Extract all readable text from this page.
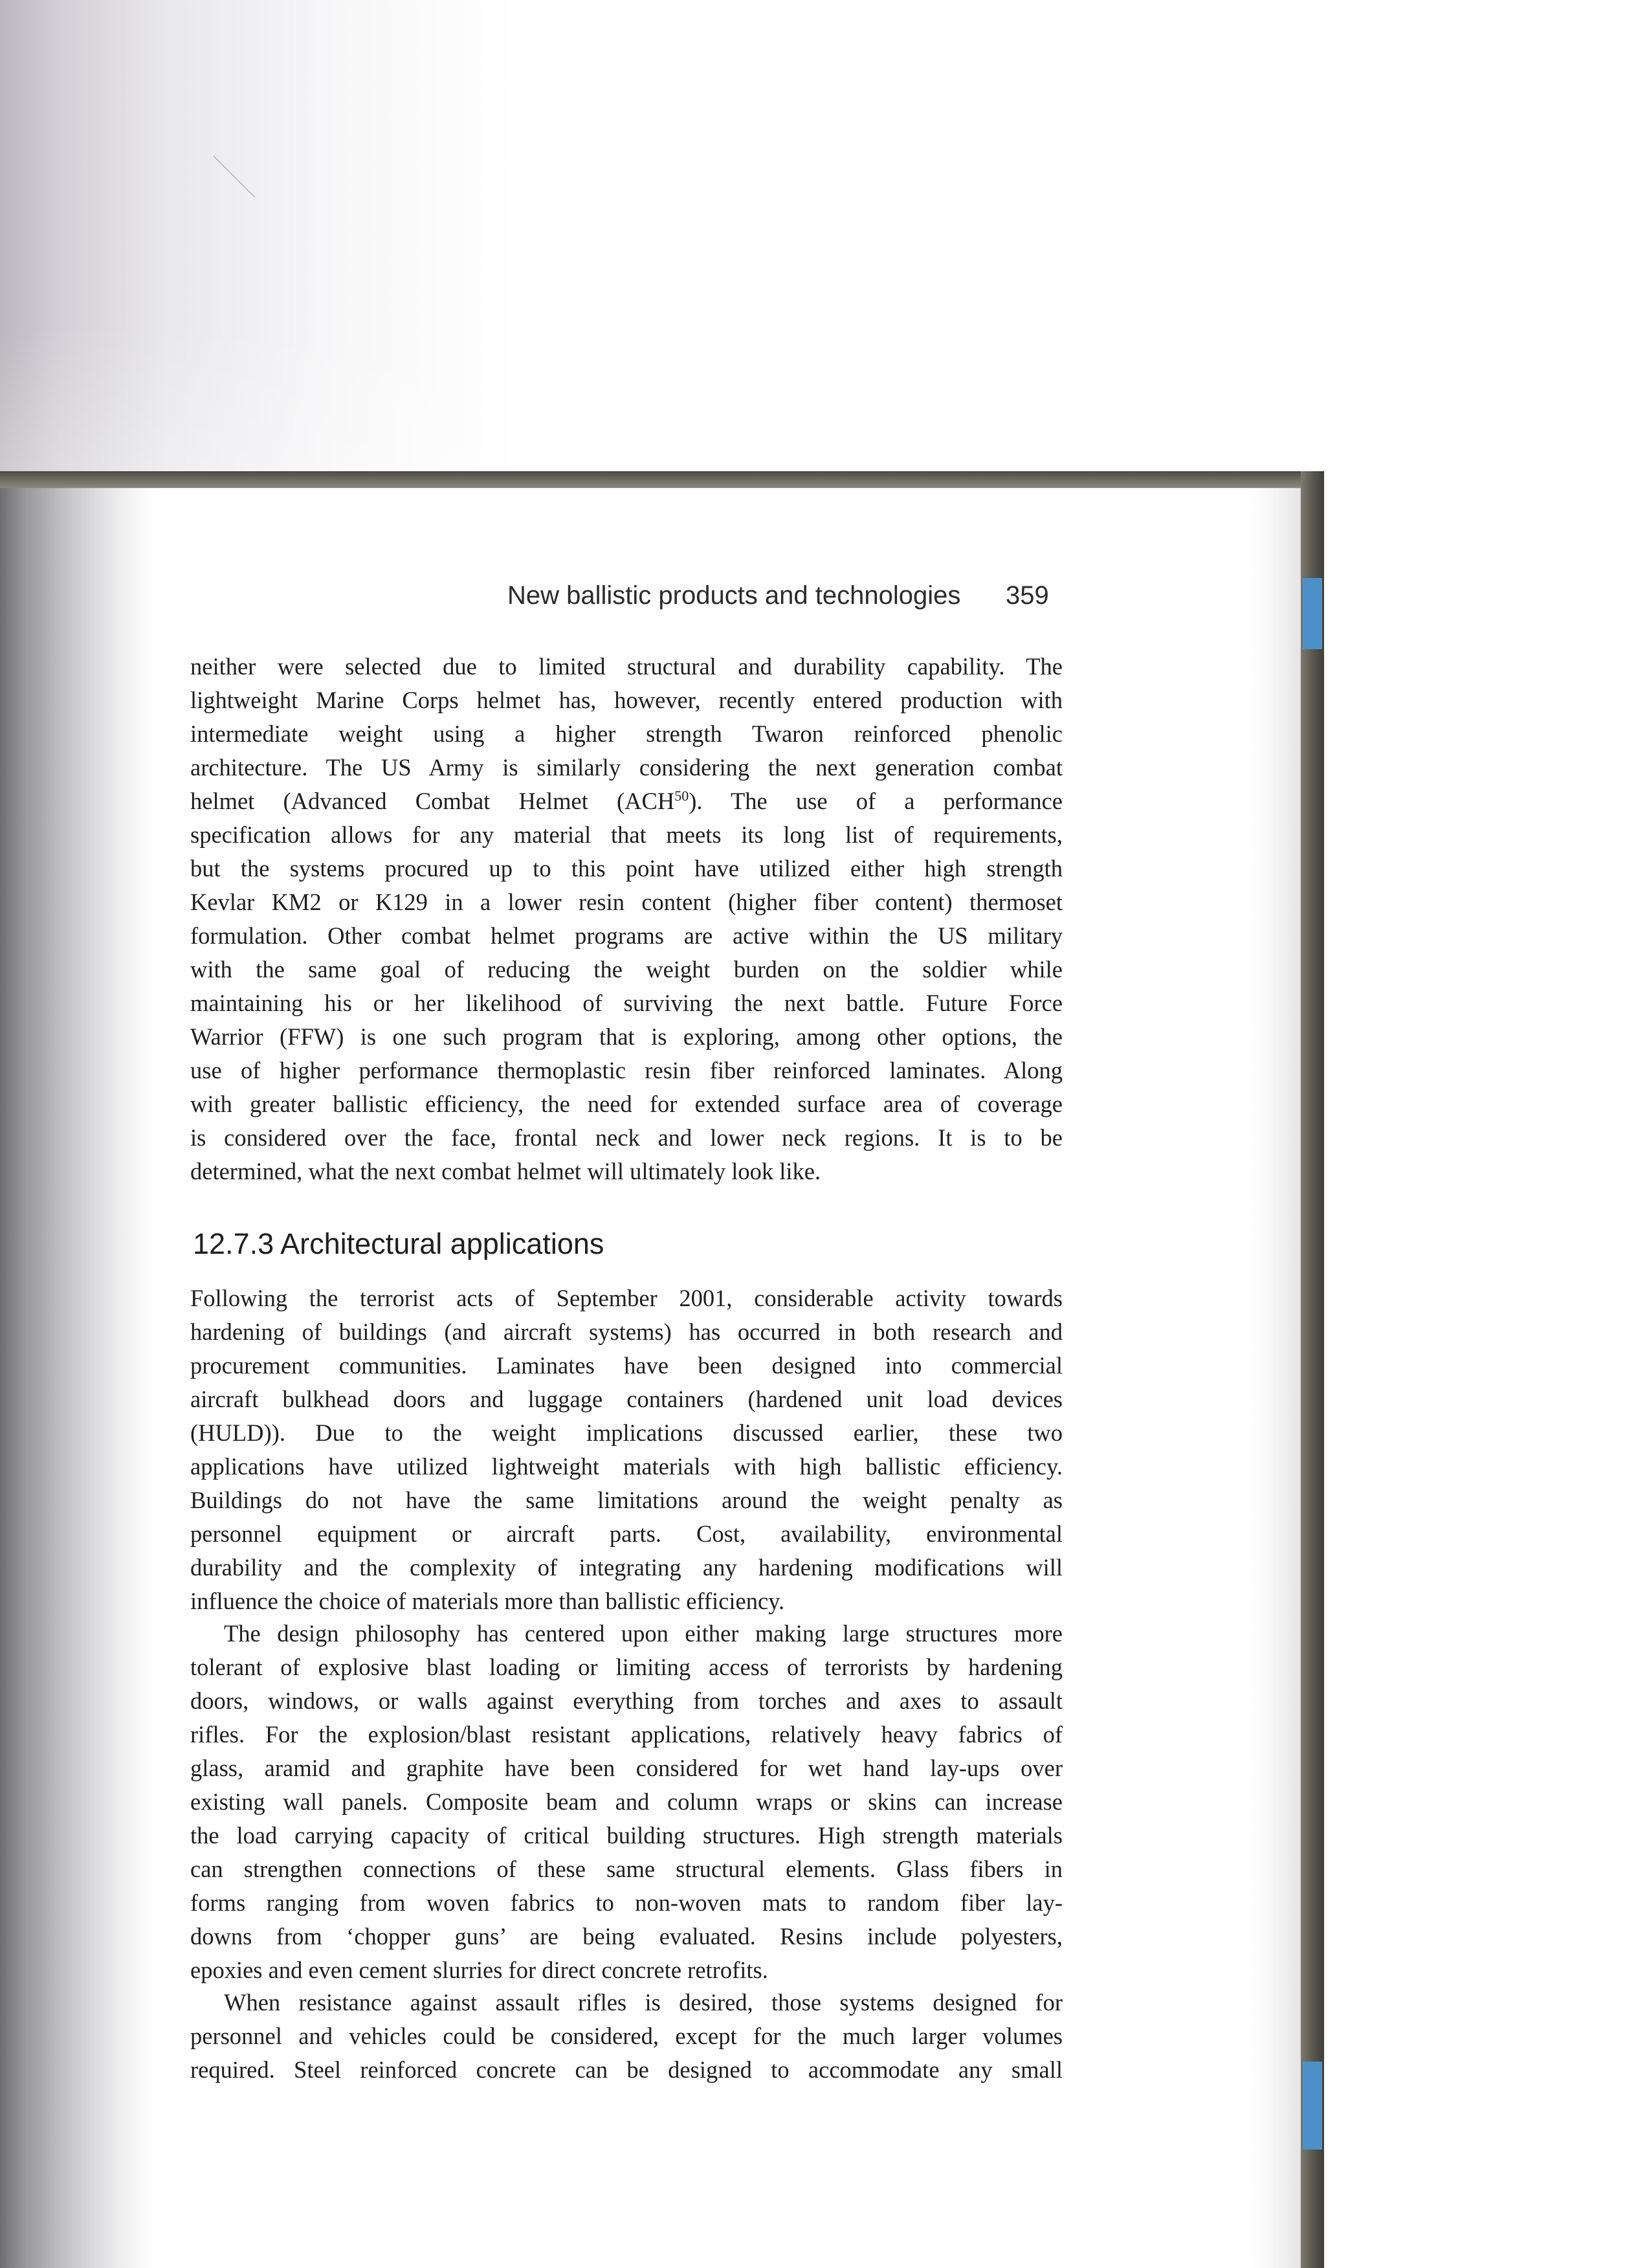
New ballistic products and technologies 359
neither were selected due to limited structural and durability capability. The
lightweight Marine Corps helmet has, however, recently entered production with
intermediate weight using a higher strength Twaron reinforced phenolic
architecture. The US Army is similarly considering the next generation combat
helmet (Advanced Combat Helmet (ACH$^{50}$). The use of a performance
specification allows for any material that meets its long list of requirements,
but the systems procured up to this point have utilized either high strength
Kevlar KM2 or K129 in a lower resin content (higher fiber content) thermoset
formulation. Other combat helmet programs are active within the US military
with the same goal of reducing the weight burden on the soldier while
maintaining his or her likelihood of surviving the next battle. Future Force
Warrior (FFW) is one such program that is exploring, among other options, the
use of higher performance thermoplastic resin fiber reinforced laminates. Along
with greater ballistic efficiency, the need for extended surface area of coverage
is considered over the face, frontal neck and lower neck regions. It is to be
determined, what the next combat helmet will ultimately look like.
12.7.3 Architectural applications
Following the terrorist acts of September 2001, considerable activity towards
hardening of buildings (and aircraft systems) has occurred in both research and
procurement communities. Laminates have been designed into commercial
aircraft bulkhead doors and luggage containers (hardened unit load devices
(HULD)). Due to the weight implications discussed earlier, these two
applications have utilized lightweight materials with high ballistic efficiency.
Buildings do not have the same limitations around the weight penalty as
personnel equipment or aircraft parts. Cost, availability, environmental
durability and the complexity of integrating any hardening modifications will
influence the choice of materials more than ballistic efficiency.
The design philosophy has centered upon either making large structures more
tolerant of explosive blast loading or limiting access of terrorists by hardening
doors, windows, or walls against everything from torches and axes to assault
rifles. For the explosion/blast resistant applications, relatively heavy fabrics of
glass, aramid and graphite have been considered for wet hand lay-ups over
existing wall panels. Composite beam and column wraps or skins can increase
the load carrying capacity of critical building structures. High strength materials
can strengthen connections of these same structural elements. Glass fibers in
forms ranging from woven fabrics to non-woven mats to random fiber lay-
downs from ‘chopper guns’ are being evaluated. Resins include polyesters,
epoxies and even cement slurries for direct concrete retrofits.
When resistance against assault rifles is desired, those systems designed for
personnel and vehicles could be considered, except for the much larger volumes
required. Steel reinforced concrete can be designed to accommodate any small
